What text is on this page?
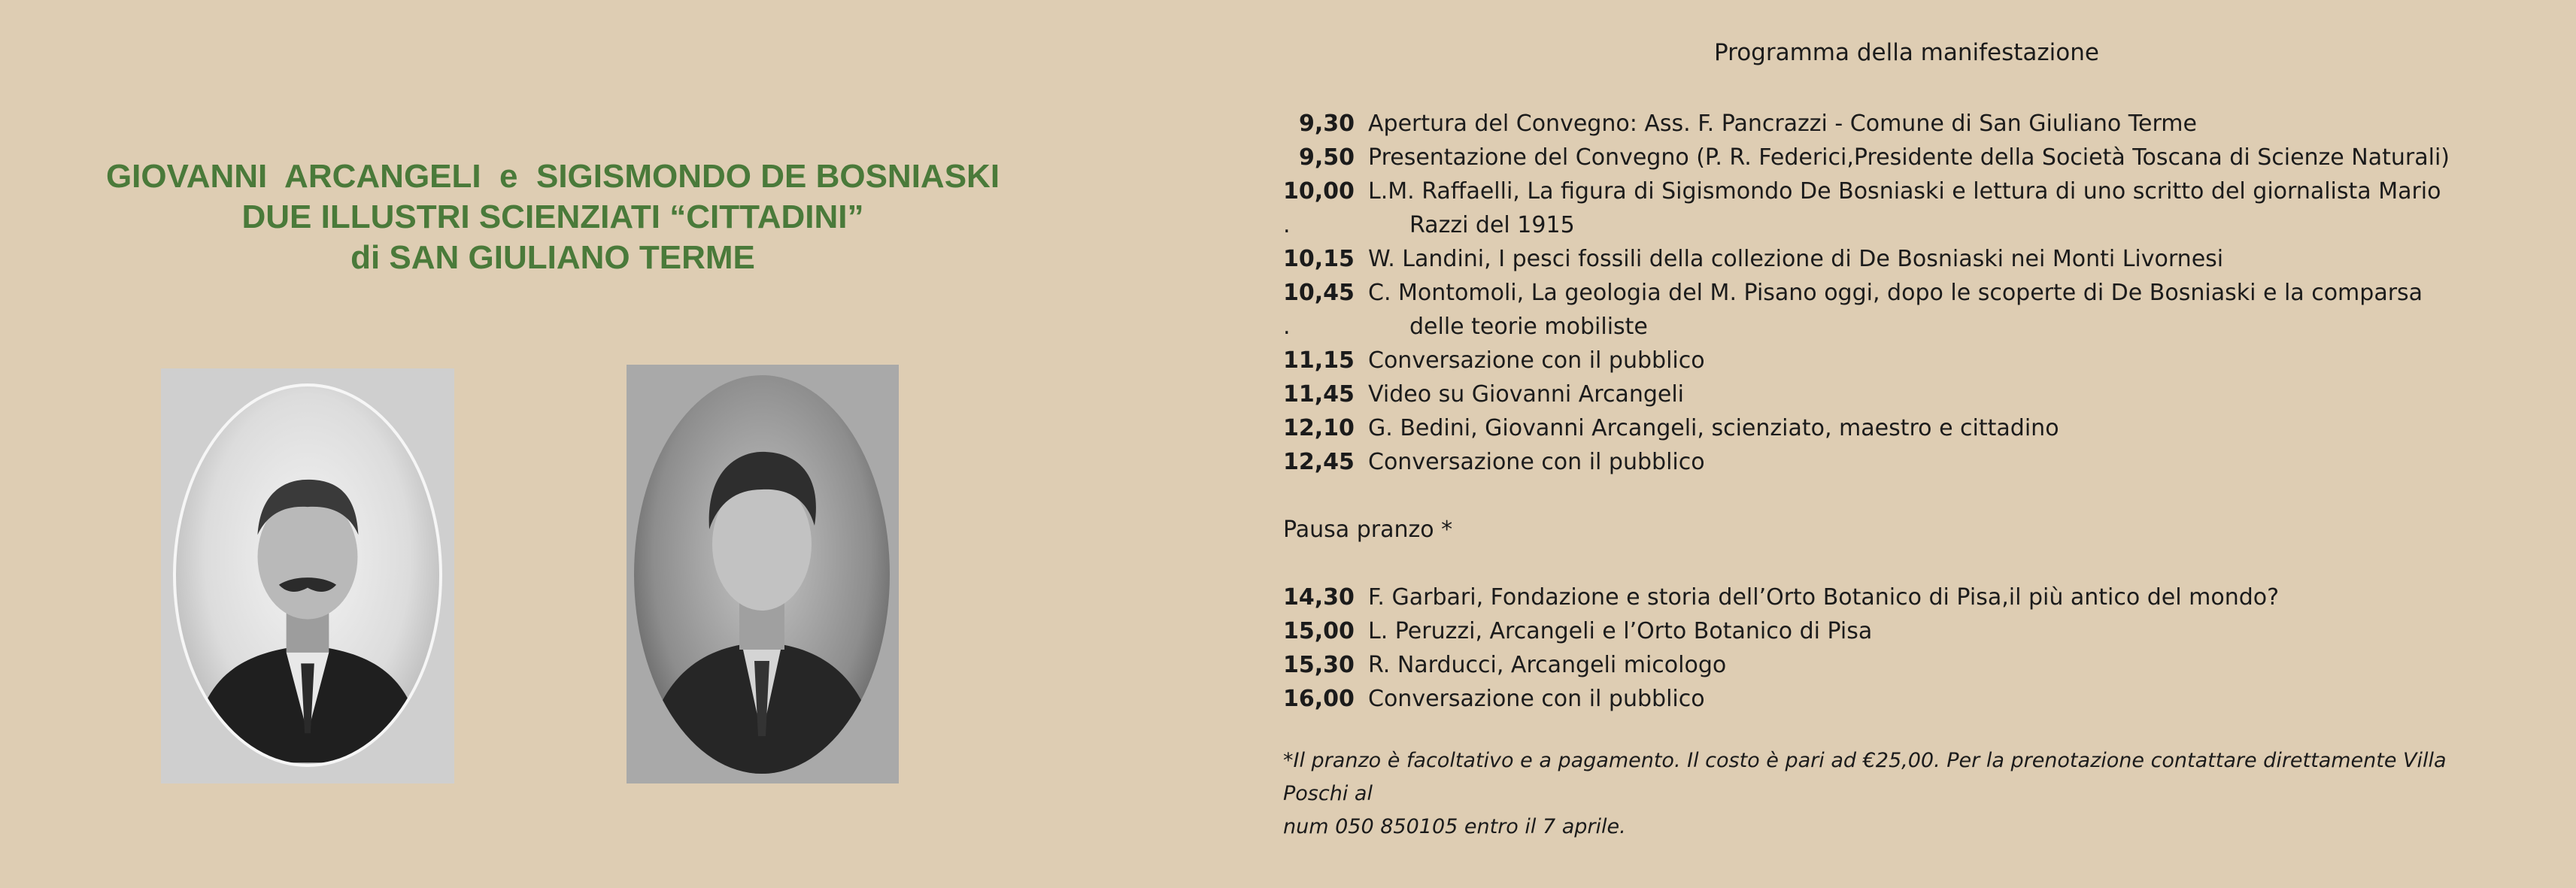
GIOVANNI  ARCANGELI  e  SIGISMONDO DE BOSNIASKI
DUE ILLUSTRI SCIENZIATI “CITTADINI”
di SAN GIULIANO TERME
Programma della manifestazione
9,30 Apertura del Convegno: Ass. F. Pancrazzi - Comune di San Giuliano Terme
9,50 Presentazione del Convegno (P. R. Federici,Presidente della Società Toscana di Scienze Naturali)
10,00 L.M. Raffaelli, La figura di Sigismondo De Bosniaski e lettura di uno scritto del giornalista Mario
.	Razzi del 1915
10,15 W. Landini, I pesci fossili della collezione di De Bosniaski nei Monti Livornesi
10,45 C. Montomoli, La geologia del M. Pisano oggi, dopo le scoperte di De Bosniaski e la comparsa
.	delle teorie mobiliste
11,15 Conversazione con il pubblico
11,45 Video su Giovanni Arcangeli
12,10 G. Bedini, Giovanni Arcangeli, scienziato, maestro e cittadino
12,45 Conversazione con il pubblico
Pausa pranzo *
14,30 F. Garbari, Fondazione e storia dell’Orto Botanico di Pisa,il più antico del mondo?
15,00 L. Peruzzi, Arcangeli e l’Orto Botanico di Pisa
15,30 R. Narducci, Arcangeli micologo
16,00 Conversazione con il pubblico
*Il pranzo è facoltativo e a pagamento. Il costo è pari ad €25,00. Per la prenotazione contattare direttamente Villa Poschi al
num 050 850105 entro il 7 aprile.
